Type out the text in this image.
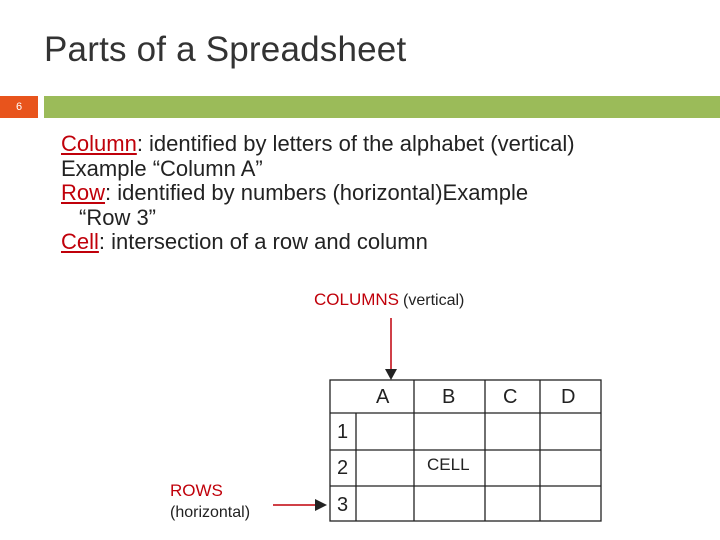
Parts of a Spreadsheet
6
Column: identified by letters of the alphabet (vertical)
Example “Column A”
Row: identified by numbers (horizontal)Example
“Row 3”
Cell: intersection of a row and column
COLUMNS (vertical)
A	B C D
1
2
3
CELL
ROWS
(horizontal)
